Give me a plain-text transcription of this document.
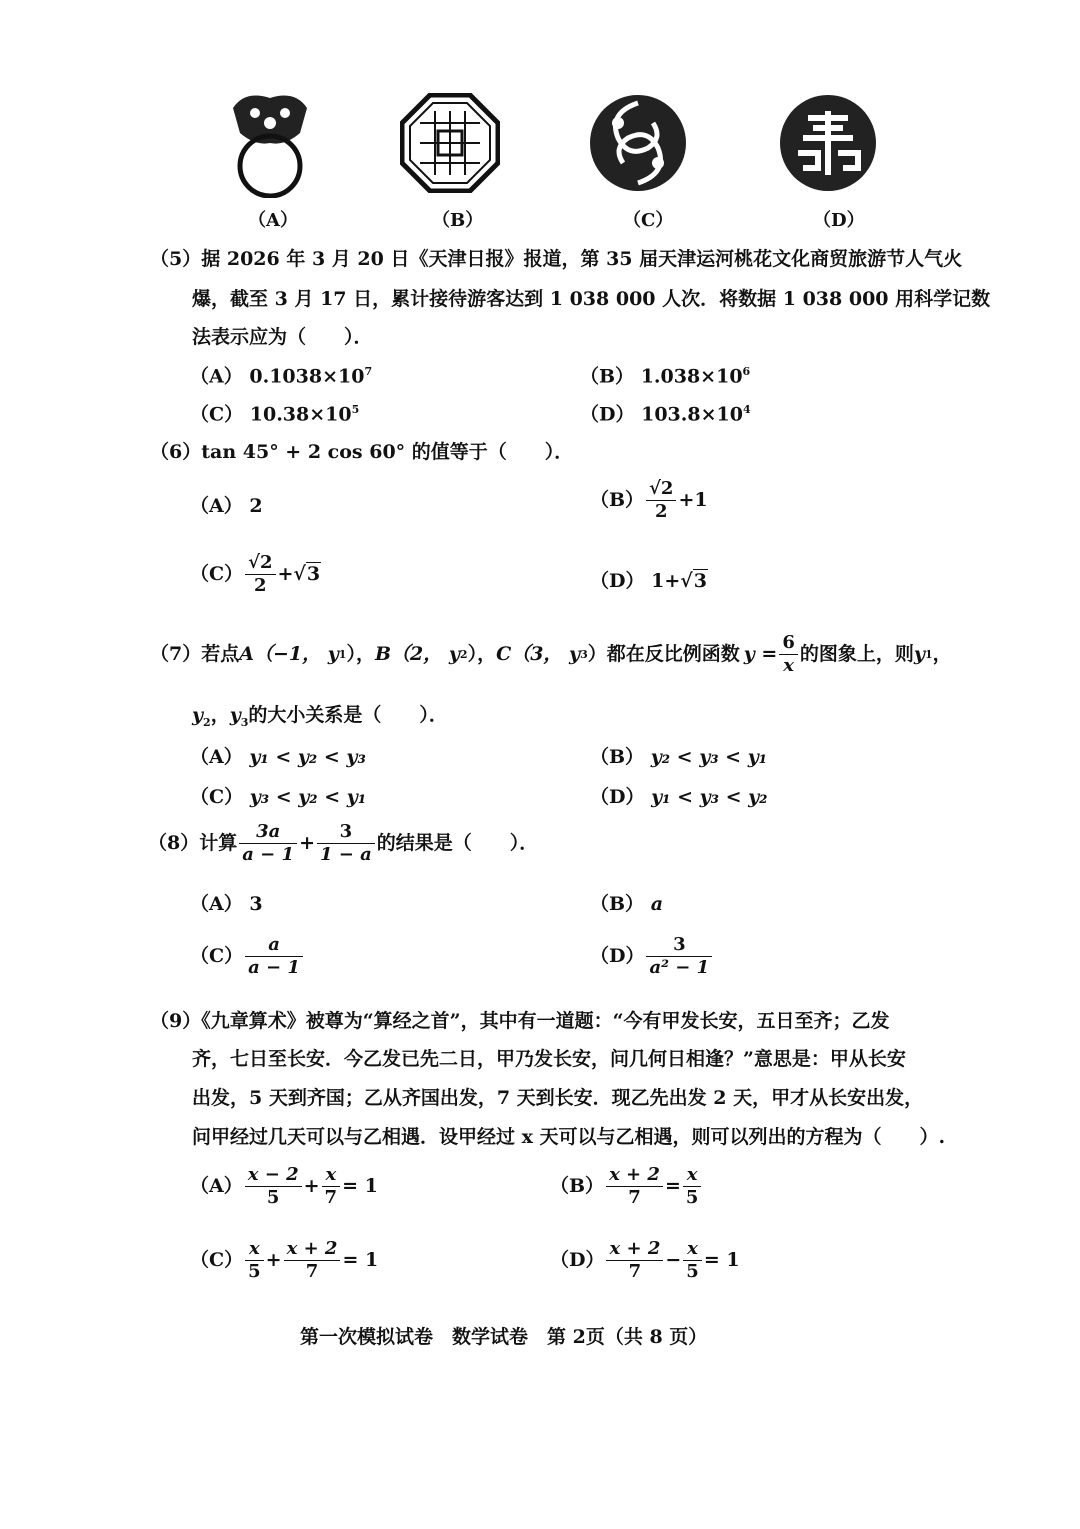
（A）	（B）	（C）	（D）
（5）据 2026 年 3 月 20 日《天津日报》报道，第 35 届天津运河桃花文化商贸旅游节人气火
爆，截至 3 月 17 日，累计接待游客达到 1 038 000 人次．将数据 1 038 000 用科学记数
法表示应为（　　）．
（A） $0.1038\times 10^7$	（B） $1.038\times 10^6$
（C） $10.38\times 10^5$	（D） $103.8\times 10^4$
（6）tan 45° + 2 cos 60° 的值等于（　　）．
（A） 2	$(B) \frac{√2}{2} +1$
$(C) \frac{√2}{2}$ + √ 3	（D） 1+√3
（7） 若点 A（−1， y 1 ）， B（2， y 2 ）， C（3， y 3 ） 都在反比例函数 $y = \frac{6}{x}$ 的图象上，则 y 1 ，
$y_2$，$y_3$的大小关系是（　　）．
（A） y₁ < y₂ < y₃	（B） y₂ < y₃ < y₁
（C） y₃ < y₂ < y₁	（D） y₁ < y₃ < y₂
（8） 计算 $\frac{3a}{a - 1} + \frac{3}{1 - a}$ 的结果是（　　）．
（A） 3	（B） a
$(C) \frac{a}{a - 1}$	$(D) \frac{3}{\text{a² − 1}}$
（9）《九章算术》被尊为“算经之首”，其中有一道题：“今有甲发长安，五日至齐；乙发
齐，七日至长安．今乙发已先二日，甲乃发长安，问几何日相逢？”意思是：甲从长安
出发，5 天到齐国；乙从齐国出发，7 天到长安．现乙先出发 2 天，甲才从长安出发，
问甲经过几天可以与乙相遇．设甲经过 x 天可以与乙相遇，则可以列出的方程为（　　）.
$(A) \frac{x - 2}{5} + \frac{x}{7} = 1$	$(B) \frac{x + 2}{7} = \frac{x}{5}$
$(C) \frac{x}{5} + \frac{x + 2}{7} = 1$	$(D) \frac{x + 2}{7} - \frac{x}{5} = 1$
第一次模拟试卷　数学试卷　第 2页（共 8 页）
